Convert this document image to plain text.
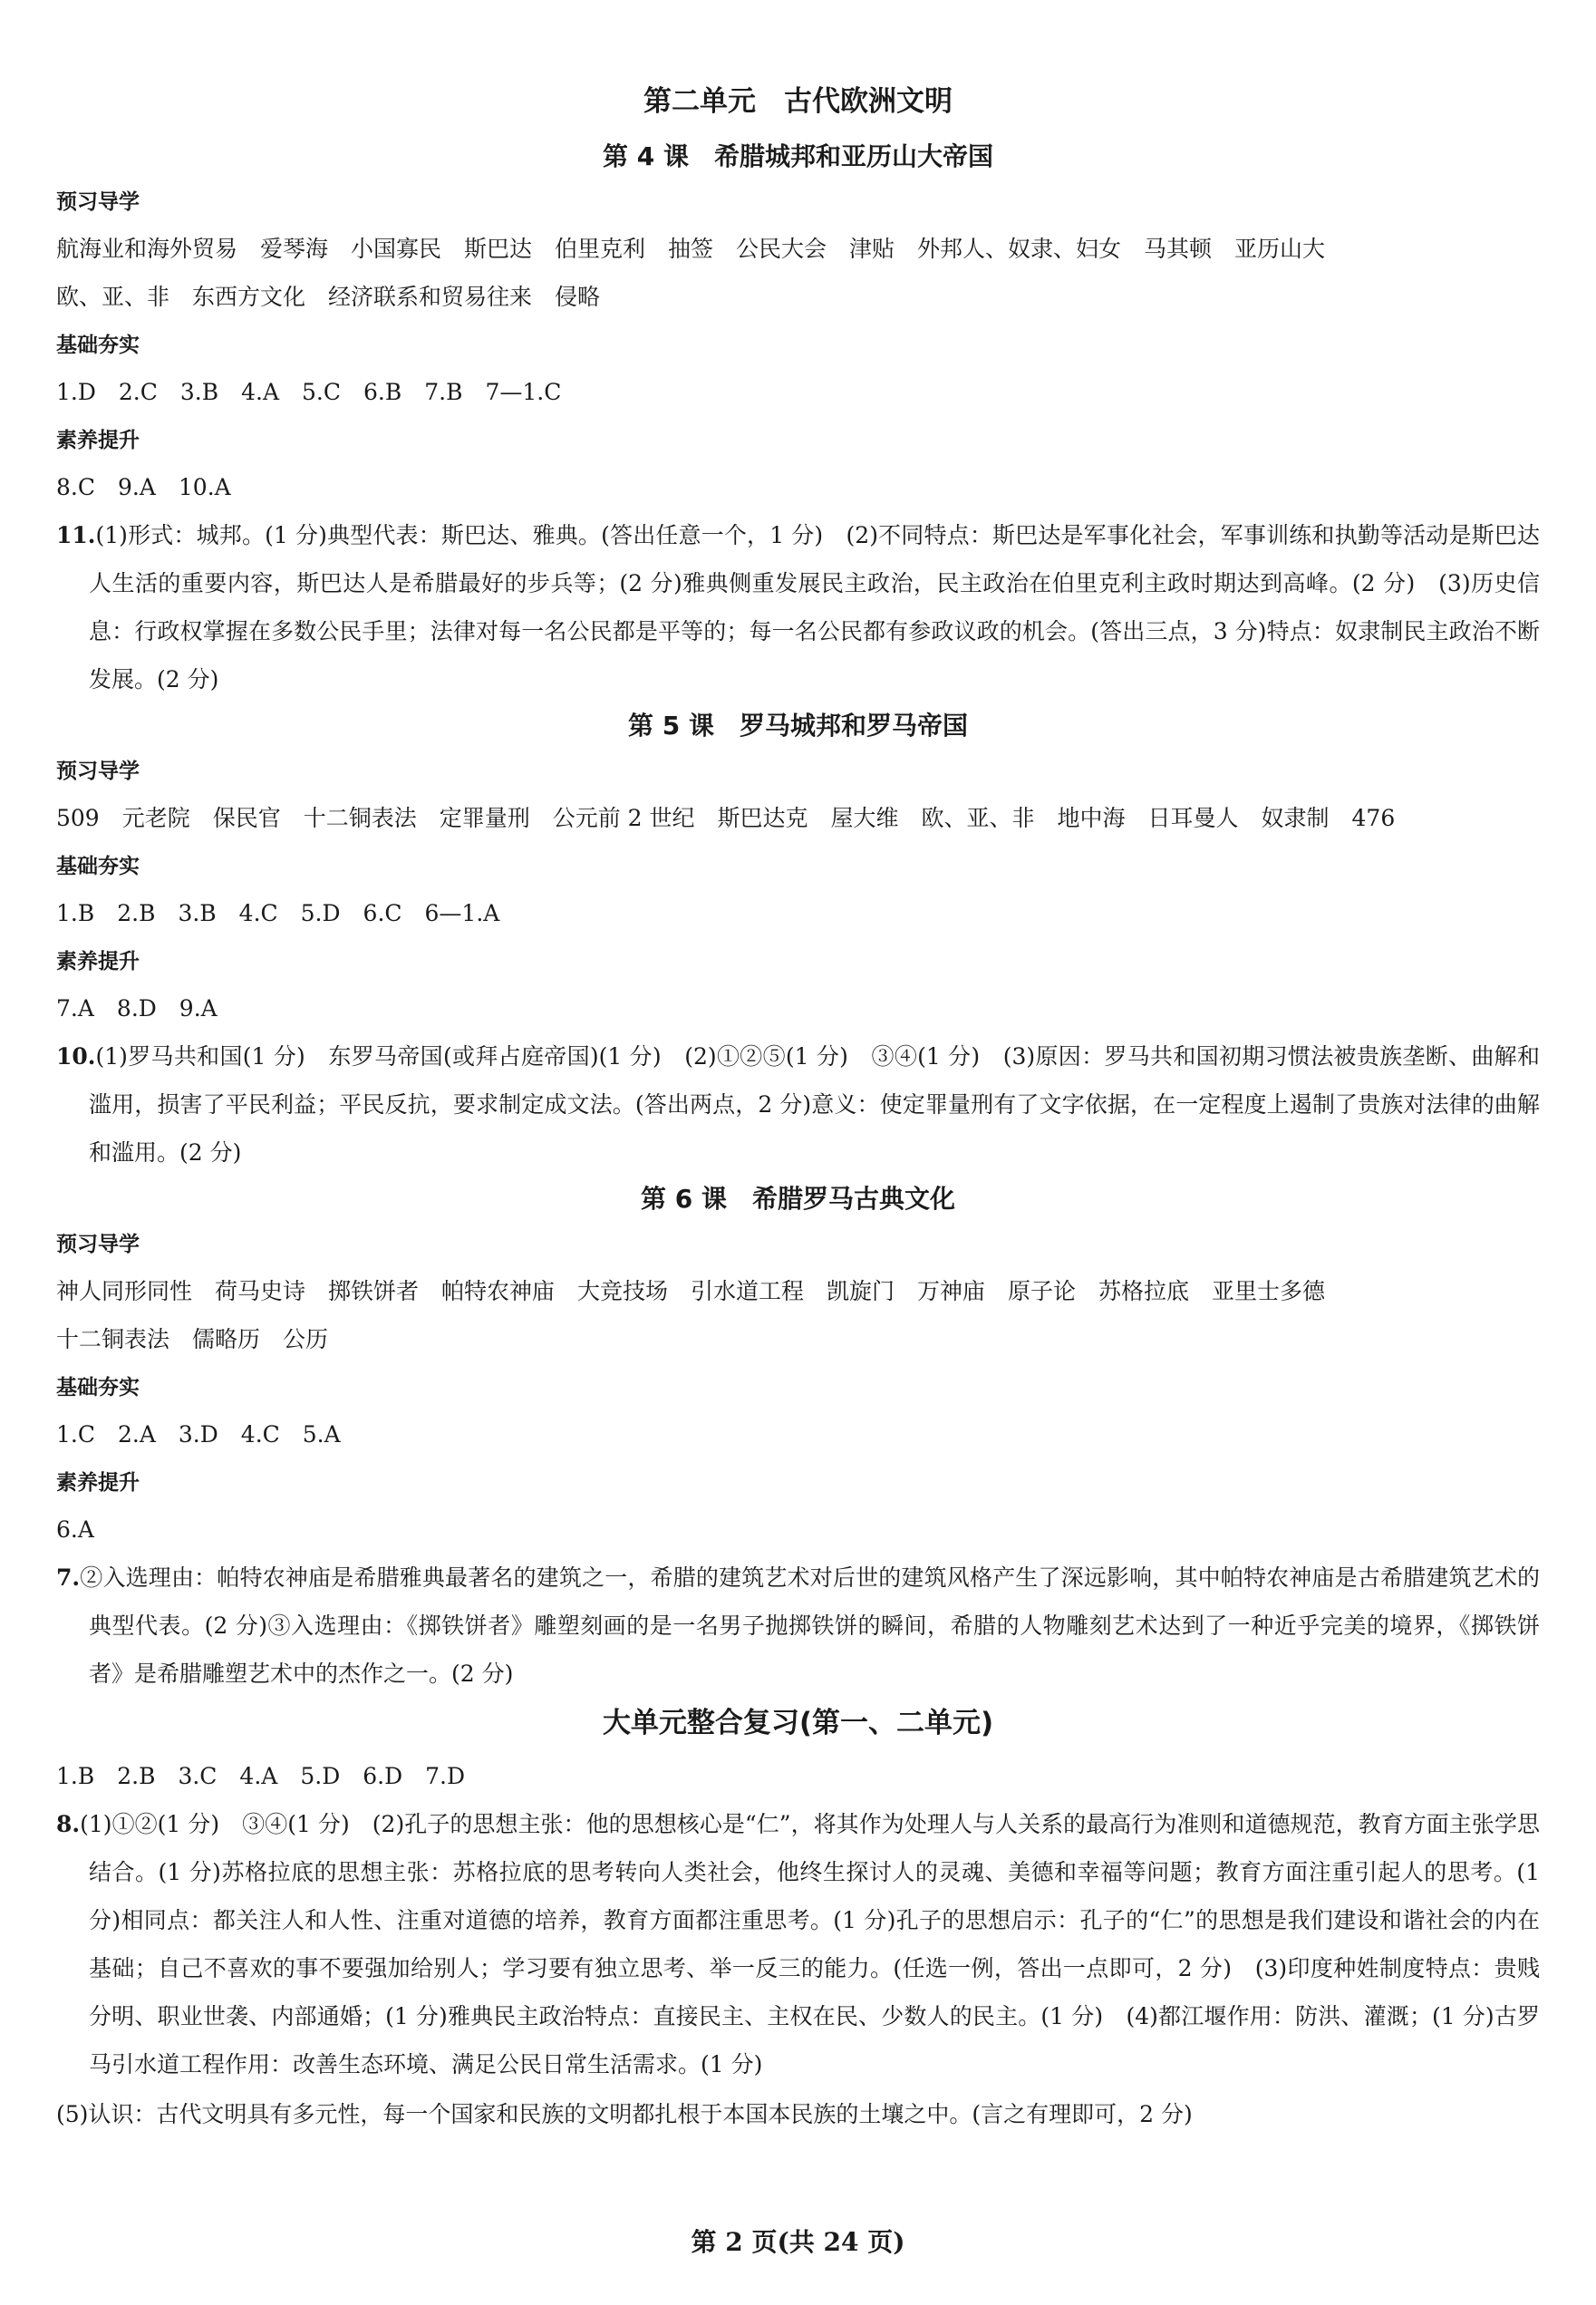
第二单元　古代欧洲文明
第 4 课　希腊城邦和亚历山大帝国
预习导学
航海业和海外贸易　爱琴海　小国寡民　斯巴达　伯里克利　抽签　公民大会　津贴　外邦人、奴隶、妇女　马其顿　亚历山大
欧、亚、非　东西方文化　经济联系和贸易往来　侵略
基础夯实
1.D　2.C　3.B　4.A　5.C　6.B　7.B　7—1.C
素养提升
8.C　9.A　10.A
11.(1)形式：城邦。(1 分)典型代表：斯巴达、雅典。(答出任意一个，1 分)　(2)不同特点：斯巴达是军事化社会，军事训练和执勤等活动是斯巴达人生活的重要内容，斯巴达人是希腊最好的步兵等；(2 分)雅典侧重发展民主政治，民主政治在伯里克利主政时期达到高峰。(2 分)　(3)历史信息：行政权掌握在多数公民手里；法律对每一名公民都是平等的；每一名公民都有参政议政的机会。(答出三点，3 分)特点：奴隶制民主政治不断发展。(2 分)
第 5 课　罗马城邦和罗马帝国
预习导学
509　元老院　保民官　十二铜表法　定罪量刑　公元前 2 世纪　斯巴达克　屋大维　欧、亚、非　地中海　日耳曼人　奴隶制　476
基础夯实
1.B　2.B　3.B　4.C　5.D　6.C　6—1.A
素养提升
7.A　8.D　9.A
10.(1)罗马共和国(1 分)　东罗马帝国(或拜占庭帝国)(1 分)　(2)①②⑤(1 分)　③④(1 分)　(3)原因：罗马共和国初期习惯法被贵族垄断、曲解和滥用，损害了平民利益；平民反抗，要求制定成文法。(答出两点，2 分)意义：使定罪量刑有了文字依据，在一定程度上遏制了贵族对法律的曲解和滥用。(2 分)
第 6 课　希腊罗马古典文化
预习导学
神人同形同性　荷马史诗　掷铁饼者　帕特农神庙　大竞技场　引水道工程　凯旋门　万神庙　原子论　苏格拉底　亚里士多德
十二铜表法　儒略历　公历
基础夯实
1.C　2.A　3.D　4.C　5.A
素养提升
6.A
7.②入选理由：帕特农神庙是希腊雅典最著名的建筑之一，希腊的建筑艺术对后世的建筑风格产生了深远影响，其中帕特农神庙是古希腊建筑艺术的典型代表。(2 分)③入选理由：《掷铁饼者》雕塑刻画的是一名男子抛掷铁饼的瞬间，希腊的人物雕刻艺术达到了一种近乎完美的境界，《掷铁饼者》是希腊雕塑艺术中的杰作之一。(2 分)
大单元整合复习(第一、二单元)
1.B　2.B　3.C　4.A　5.D　6.D　7.D
8.(1)①②(1 分)　③④(1 分)　(2)孔子的思想主张：他的思想核心是“仁”，将其作为处理人与人关系的最高行为准则和道德规范，教育方面主张学思结合。(1 分)苏格拉底的思想主张：苏格拉底的思考转向人类社会，他终生探讨人的灵魂、美德和幸福等问题；教育方面注重引起人的思考。(1 分)相同点：都关注人和人性、注重对道德的培养，教育方面都注重思考。(1 分)孔子的思想启示：孔子的“仁”的思想是我们建设和谐社会的内在基础；自己不喜欢的事不要强加给别人；学习要有独立思考、举一反三的能力。(任选一例，答出一点即可，2 分)　(3)印度种姓制度特点：贵贱分明、职业世袭、内部通婚；(1 分)雅典民主政治特点：直接民主、主权在民、少数人的民主。(1 分)　(4)都江堰作用：防洪、灌溉；(1 分)古罗马引水道工程作用：改善生态环境、满足公民日常生活需求。(1 分)
(5)认识：古代文明具有多元性，每一个国家和民族的文明都扎根于本国本民族的土壤之中。(言之有理即可，2 分)
第 2 页(共 24 页)
